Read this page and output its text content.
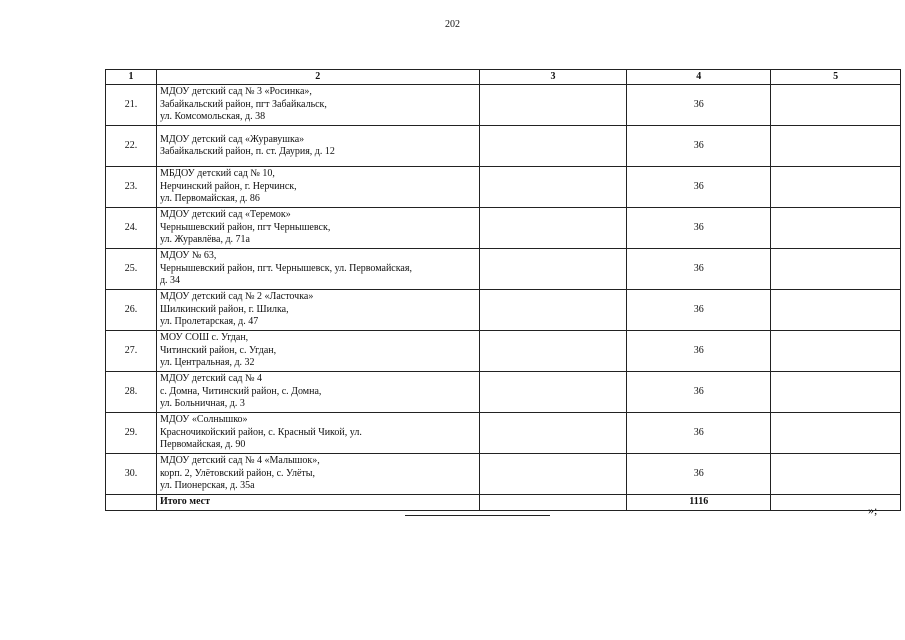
202
1	2	3	4	5
21.	МДОУ детский сад № 3 «Росинка»,
Забайкальский район, пгт Забайкальск,
ул. Комсомольская, д. 38		36	
22.	МДОУ детский сад «Журавушка»
Забайкальский район, п. ст. Даурия, д. 12		36	
23.	МБДОУ детский сад № 10,
Нерчинский район, г. Нерчинск,
ул. Первомайская, д. 86		36	
24.	МДОУ детский сад «Теремок»
Чернышевский район, пгт Чернышевск,
ул. Журавлёва, д. 71а		36	
25.	МДОУ № 63,
Чернышевский район, пгт. Чернышевск, ул. Первомайская,
д. 34		36	
26.	МДОУ детский сад № 2 «Ласточка»
Шилкинский район, г. Шилка,
ул. Пролетарская, д. 47		36	
27.	МОУ СОШ с. Угдан,
Читинский район, с. Угдан,
ул. Центральная, д. 32		36	
28.	МДОУ детский сад № 4
с. Домна, Читинский район, с. Домна,
ул. Больничная, д. 3		36	
29.	МДОУ «Солнышко»
Красночикойский район, с. Красный Чикой, ул.
Первомайская, д. 90		36	
30.	МДОУ детский сад № 4 «Малышок»,
корп. 2, Улётовский район, с. Улёты,
ул. Пионерская, д. 35а		36	
	Итого мест		1116	
»;
